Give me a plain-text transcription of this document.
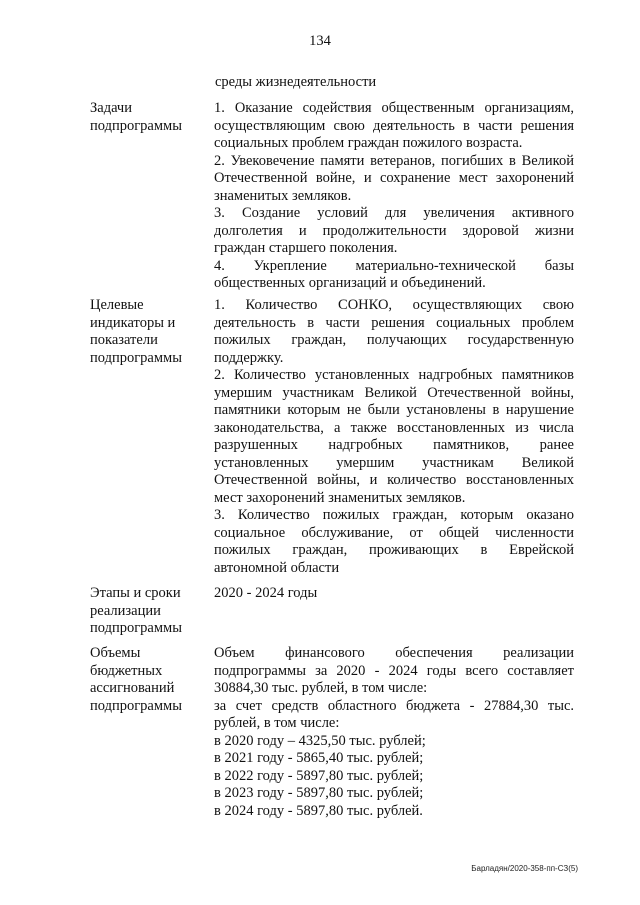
134
среды жизнедеятельности
Задачи
подпрограммы

1. Оказание содействия общественным организациям, осуществляющим свою деятельность в части решения социальных проблем граждан пожилого возраста.

2. Увековечение памяти ветеранов, погибших в Великой Отечественной войне, и сохранение мест захоронений знаменитых земляков.

3. Создание условий для увеличения активного долголетия и продолжительности здоровой жизни граждан старшего поколения.

4. Укрепление материально-технической базы общественных организаций и объединений.

Целевые
индикаторы и
показатели
подпрограммы

1. Количество СОНКО, осуществляющих свою деятельность в части решения социальных проблем пожилых граждан, получающих государственную поддержку.

2. Количество установленных надгробных памятников умершим участникам Великой Отечественной войны, памятники которым не были установлены в нарушение законодательства, а также восстановленных из числа разрушенных надгробных памятников, ранее установленных умершим участникам Великой Отечественной войны, и количество восстановленных мест захоронений знаменитых земляков.

3. Количество пожилых граждан, которым оказано социальное обслуживание, от общей численности пожилых граждан, проживающих в Еврейской автономной области

Этапы и сроки
реализации
подпрограммы

2020 - 2024 годы

Объемы
бюджетных
ассигнований
подпрограммы

Объем финансового обеспечения реализации подпрограммы за 2020 - 2024 годы всего составляет 30884,30 тыс. рублей, в том числе:

за счет средств областного бюджета - 27884,30 тыс. рублей, в том числе:

в 2020 году – 4325,50 тыс. рублей;

в 2021 году - 5865,40 тыс. рублей;

в 2022 году - 5897,80 тыс. рублей;

в 2023 году - 5897,80 тыс. рублей;

в 2024 году - 5897,80 тыс. рублей.

Барладян/2020-358-пп-СЗ(5)
